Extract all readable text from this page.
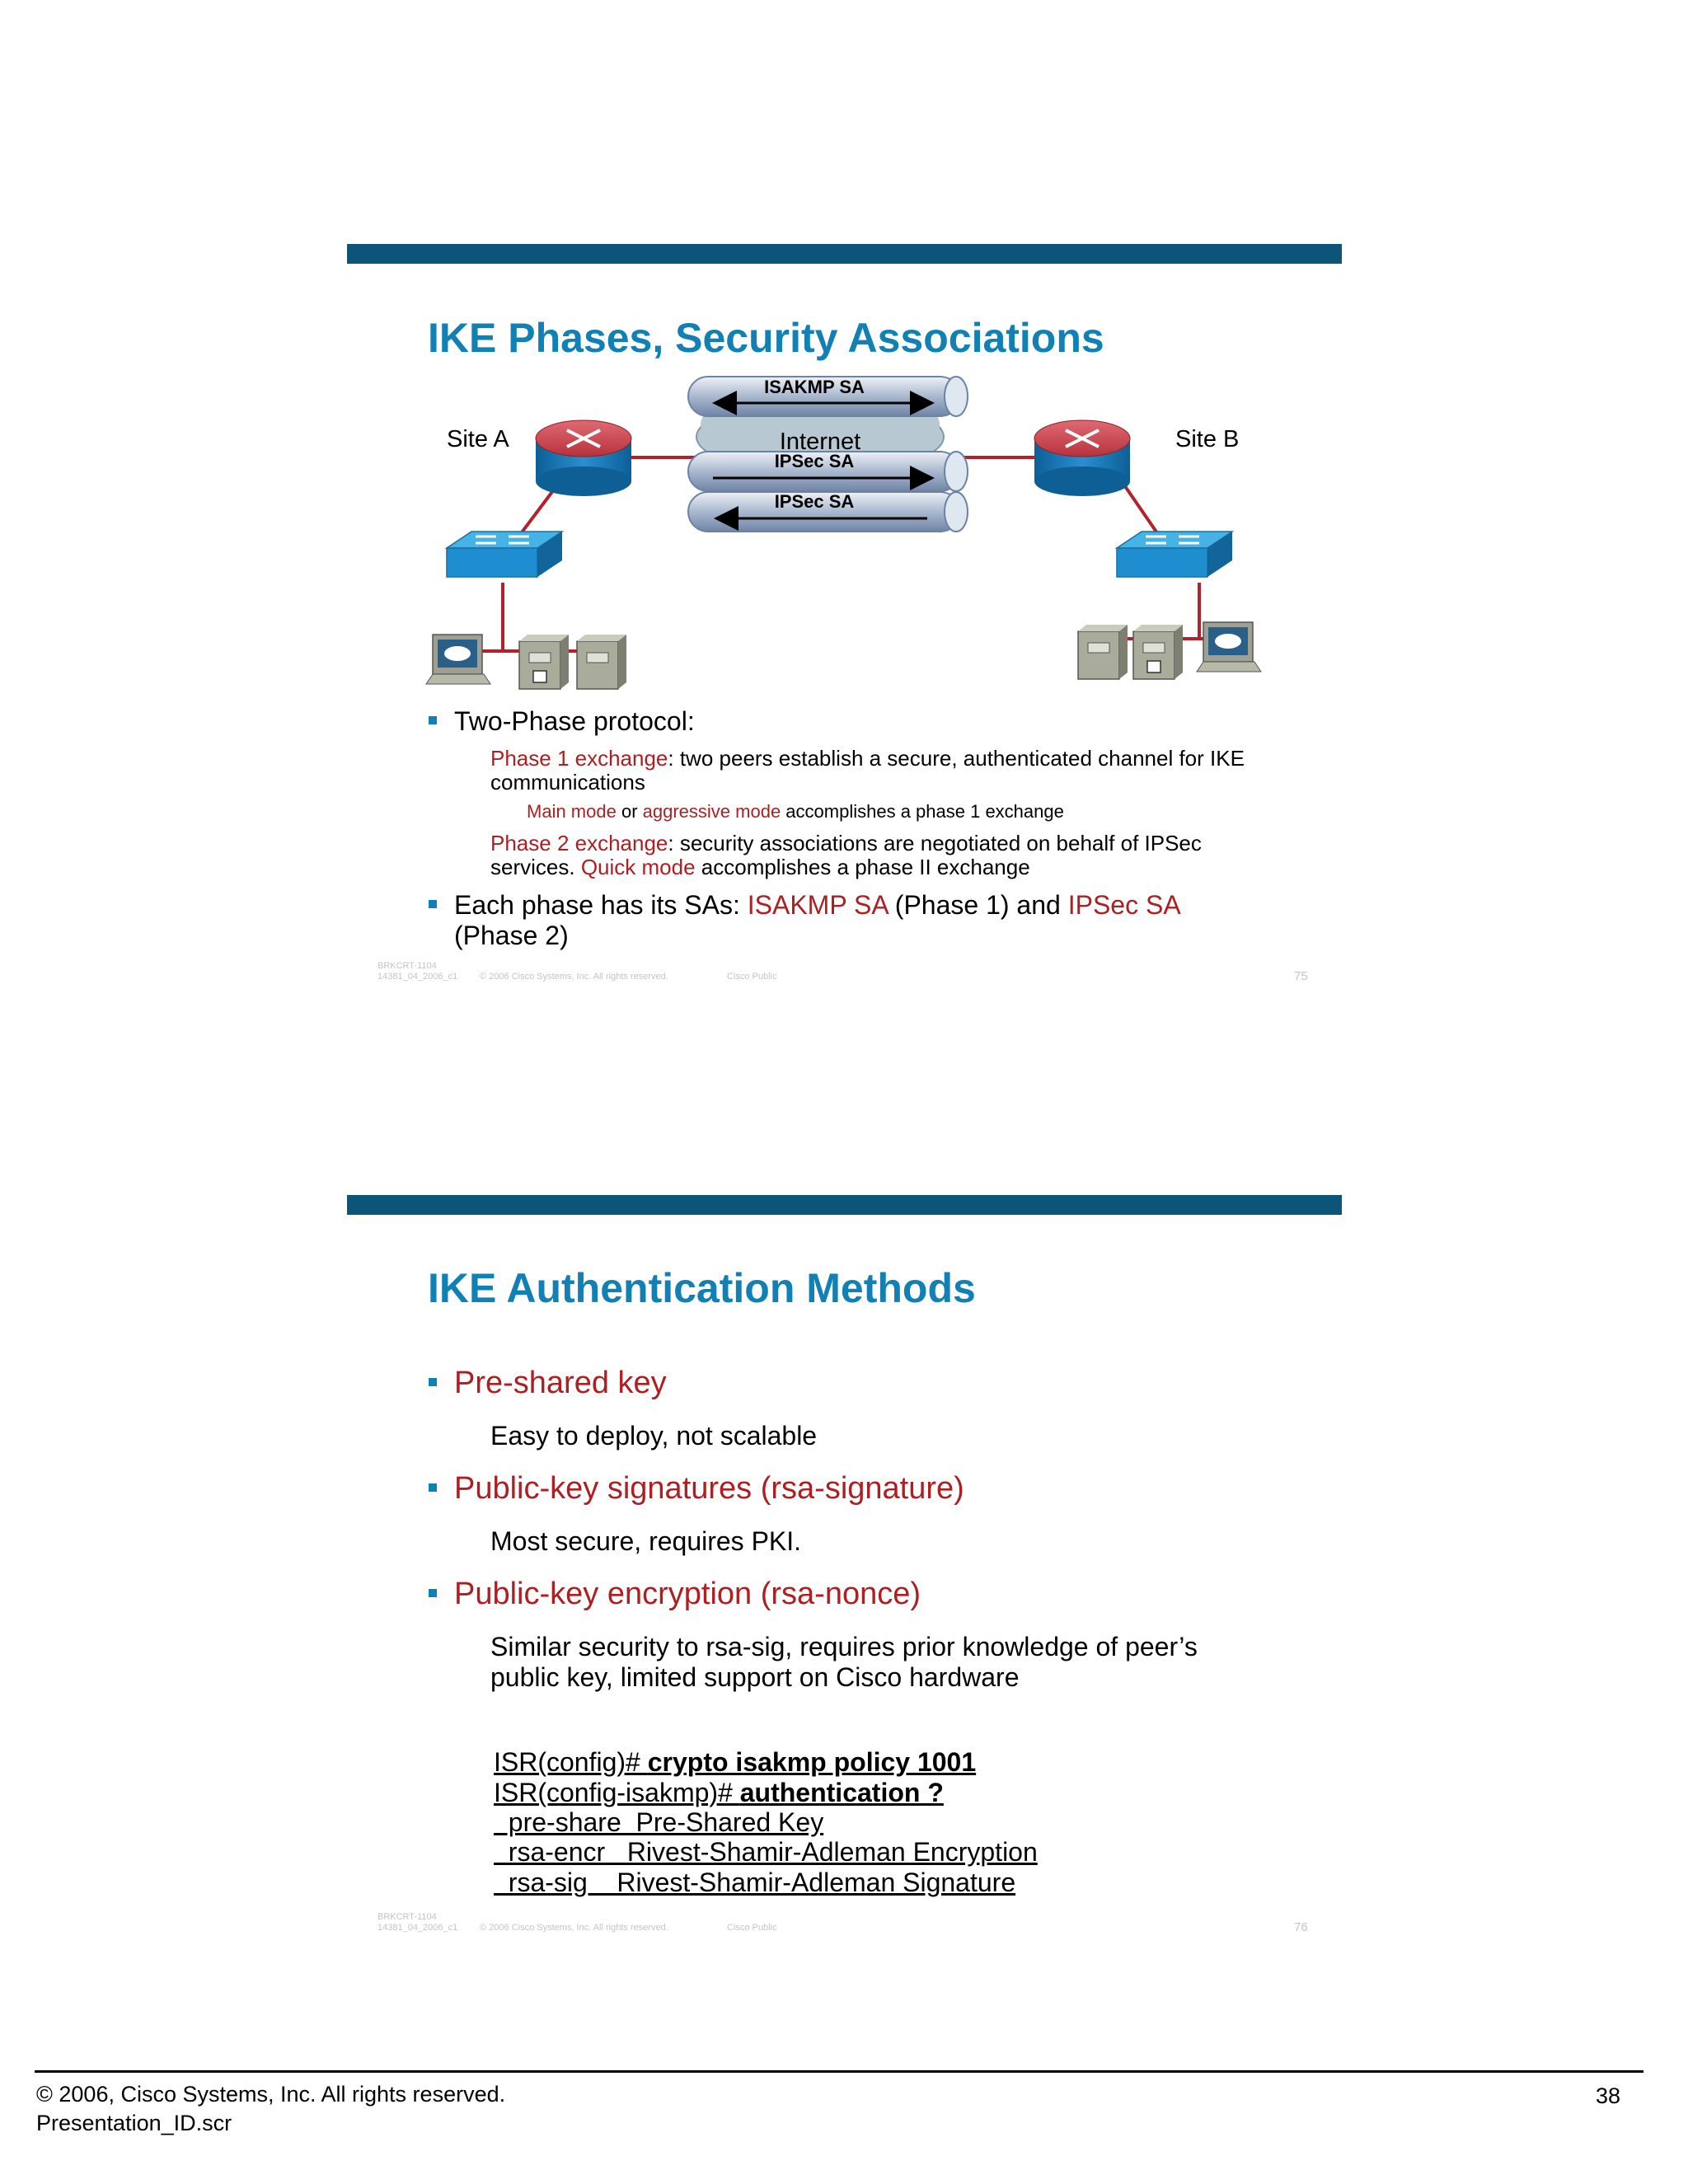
IKE Phases, Security Associations
ISAKMP SA
IPSec SA
IPSec SA
Internet
Site A	Site B
Two-Phase protocol:
Phase 1 exchange: two peers establish a secure, authenticated channel for IKE
communications
Main mode or aggressive mode accomplishes a phase 1 exchange
Phase 2 exchange: security associations are negotiated on behalf of IPSec
services. Quick mode accomplishes a phase II exchange
Each phase has its SAs: ISAKMP SA (Phase 1) and IPSec SA
(Phase 2)
BRKCRT-1104
14381_04_2006_c1 © 2006 Cisco Systems, Inc. All rights reserved.	Cisco Public	75
IKE Authentication Methods
Pre-shared key
Easy to deploy, not scalable
Public-key signatures (rsa-signature)
Most secure, requires PKI.
Public-key encryption (rsa-nonce)
Similar security to rsa-sig, requires prior knowledge of peer’s
public key, limited support on Cisco hardware
ISR(config)# crypto isakmp policy 1001
ISR(config-isakmp)# authentication ?
pre-share  Pre-Shared Key
rsa-encr   Rivest-Shamir-Adleman Encryption
rsa-sig    Rivest-Shamir-Adleman Signature
BRKCRT-1104
14381_04_2006_c1 © 2006 Cisco Systems, Inc. All rights reserved.	Cisco Public	76
© 2006, Cisco Systems, Inc. All rights reserved.
Presentation_ID.scr
38
